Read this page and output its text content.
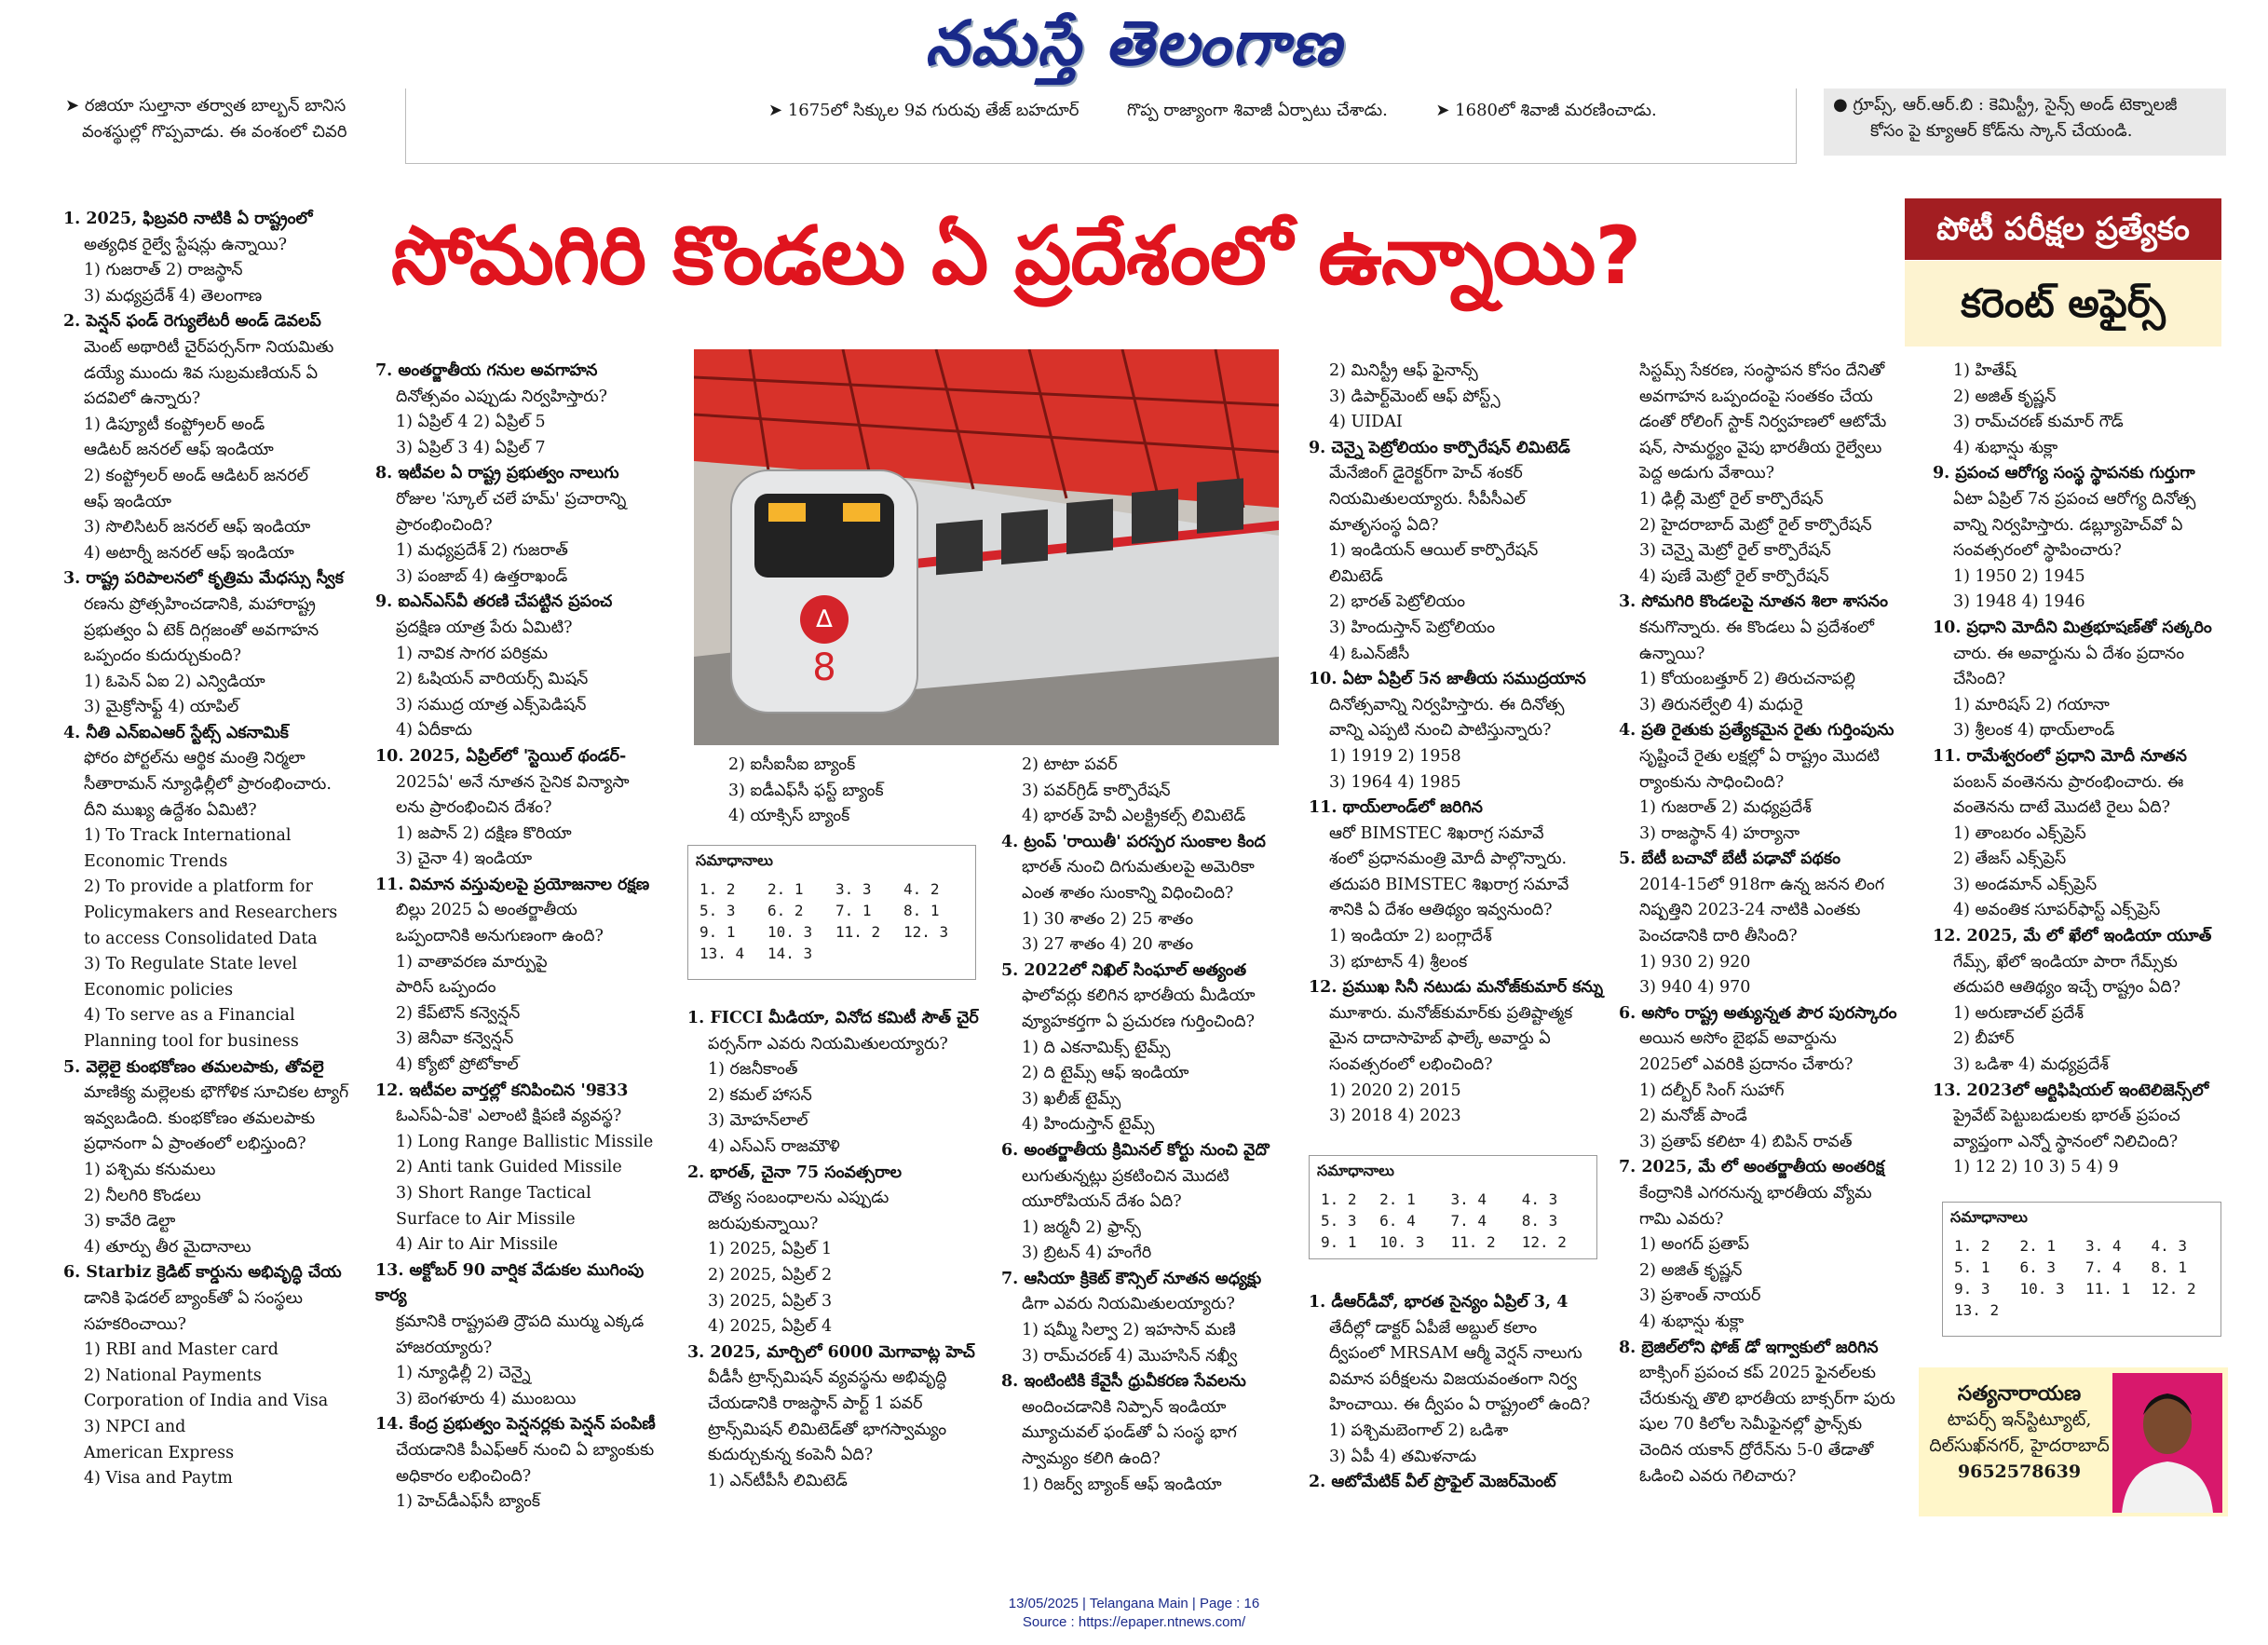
నమస్తే తెలంగాణ
➤ రజియా సుల్తానా తర్వాత బాల్బన్ బానిస
వంశస్థుల్లో గొప్పవాడు. ఈ వంశంలో చివరి
➤ 1675లో సిక్కుల 9వ గురువు తేజ్ బహదూర్	గొప్ప రాజ్యాంగా శివాజీ ఏర్పాటు చేశాడు.	➤ 1680లో శివాజీ మరణించాడు.	● గ్రూప్స్, ఆర్.ఆర్.బి : కెమిస్ట్రీ, సైన్స్ అండ్ టెక్నాలజీ
కోసం పై క్యూఆర్ కోడ్‌ను స్కాన్ చేయండి.
సోమగిరి కొండలు ఏ ప్రదేశంలో ఉన్నాయి?	పోటీ పరీక్షల ప్రత్యేకం
కరెంట్ అఫైర్స్

1. 2025, ఫిబ్రవరి నాటికి ఏ రాష్ట్రంలో

అత్యధిక రైల్వే స్టేషన్లు ఉన్నాయి?

1) గుజరాత్ 2) రాజస్థాన్

3) మధ్యప్రదేశ్ 4) తెలంగాణ

2. పెన్షన్ ఫండ్ రెగ్యులేటరీ అండ్ డెవలప్

మెంట్ అథారిటీ చైర్‌పర్సన్‌గా నియమితు

డయ్యే ముందు శివ సుబ్రమణియన్ ఏ

పదవిలో ఉన్నారు?

1) డిప్యూటీ కంప్ట్రోలర్ అండ్

ఆడిటర్ జనరల్ ఆఫ్ ఇండియా

2) కంప్ట్రోలర్ అండ్ ఆడిటర్ జనరల్

ఆఫ్ ఇండియా

3) సొలిసిటర్ జనరల్ ఆఫ్ ఇండియా

4) అటార్నీ జనరల్ ఆఫ్ ఇండియా

3. రాష్ట్ర పరిపాలనలో కృత్రిమ మేధస్సు స్వీక

రణను ప్రోత్సహించడానికి, మహారాష్ట్ర

ప్రభుత్వం ఏ టెక్ దిగ్గజంతో అవగాహన

ఒప్పందం కుదుర్చుకుంది?

1) ఓపెన్ ఏఐ 2) ఎన్విడియా

3) మైక్రోసాఫ్ట్ 4) యాపిల్

4. నీతి ఎన్ఐఎఆర్ స్టేట్స్ ఎకనామిక్

ఫోరం పోర్టల్‌ను ఆర్థిక మంత్రి నిర్మలా

సీతారామన్ న్యూఢిల్లీలో ప్రారంభించారు.

దీని ముఖ్య ఉద్దేశం ఏమిటి?

1) To Track International

Economic Trends

2) To provide a platform for

Policymakers and Researchers

to access Consolidated Data

3) To Regulate State level

Economic policies

4) To serve as a Financial

Planning tool for business

5. వెల్లెలై కుంభకోణం తమలపాకు, తోవలై

మాణిక్య మల్లెలకు భౌగోళిక సూచికల ట్యాగ్

ఇవ్వబడింది. కుంభకోణం తమలపాకు

ప్రధానంగా ఏ ప్రాంతంలో లభిస్తుంది?

1) పశ్చిమ కనుమలు

2) నీలగిరి కొండలు

3) కావేరి డెల్టా

4) తూర్పు తీర మైదానాలు

6. Starbiz క్రెడిట్ కార్డును అభివృద్ధి చేయ

డానికి ఫెడరల్ బ్యాంక్‌తో ఏ సంస్థలు

సహకరించాయి?

1) RBI and Master card

2) National Payments

Corporation of India and Visa

3) NPCI and

American Express

4) Visa and Paytm

7. అంతర్జాతీయ గనుల అవగాహన

దినోత్సవం ఎప్పుడు నిర్వహిస్తారు?

1) ఏప్రిల్ 4 2) ఏప్రిల్ 5

3) ఏప్రిల్ 3 4) ఏప్రిల్ 7

8. ఇటీవల ఏ రాష్ట్ర ప్రభుత్వం నాలుగు

రోజుల 'స్కూల్ చలే హమ్' ప్రచారాన్ని

ప్రారంభించింది?

1) మధ్యప్రదేశ్ 2) గుజరాత్

3) పంజాబ్ 4) ఉత్తరాఖండ్

9. ఐఎన్ఎస్‌వీ తరణి చేపట్టిన ప్రపంచ

ప్రదక్షిణ యాత్ర పేరు ఏమిటి?

1) నావిక సాగర పరిక్రమ

2) ఓషియన్ వారియర్స్ మిషన్

3) సముద్ర యాత్ర ఎక్స్‌పెడిషన్

4) ఏదీకాదు

10. 2025, ఏప్రిల్‌లో 'స్టెయిల్ థండర్-

2025ఏ' అనే నూతన సైనిక విన్యాసా

లను ప్రారంభించిన దేశం?

1) జపాన్ 2) దక్షిణ కొరియా

3) చైనా 4) ఇండియా

11. విమాన వస్తువులపై ప్రయోజనాల రక్షణ

బిల్లు 2025 ఏ అంతర్జాతీయ

ఒప్పందానికి అనుగుణంగా ఉంది?

1) వాతావరణ మార్పుపై

పారిస్ ఒప్పందం

2) కేప్‌టౌన్ కన్వెన్షన్

3) జెనీవా కన్వెన్షన్

4) క్యోటో ప్రోటోకాల్

12. ఇటీవల వార్తల్లో కనిపించిన '9కె33

ఓఎస్ఏ-ఏకె' ఎలాంటి క్షిపణి వ్యవస్థ?

1) Long Range Ballistic Missile

2) Anti tank Guided Missile

3) Short Range Tactical

Surface to Air Missile

4) Air to Air Missile

13. అక్టోబర్ 90 వార్షిక వేడుకల ముగింపు కార్య

క్రమానికి రాష్ట్రపతి ద్రౌపది ముర్ము ఎక్కడ

హాజరయ్యారు?

1) న్యూఢిల్లీ 2) చెన్నై

3) బెంగళూరు 4) ముంబయి

14. కేంద్ర ప్రభుత్వం పెన్షనర్లకు పెన్షన్ పంపిణీ

చేయడానికి పీఎఫ్ఆర్ నుంచి ఏ బ్యాంకుకు

అధికారం లభించింది?

1) హెచ్‌డీఎఫ్‌సీ బ్యాంక్

∆
8

2) ఐసీఐసీఐ బ్యాంక్

3) ఐడీఎఫ్‌సీ ఫస్ట్ బ్యాంక్

4) యాక్సిస్ బ్యాంక్

సమాధానాలు
1. 2	2. 1	3. 3	4. 2
5. 3	6. 2	7. 1	8. 1
9. 1	10. 3	11. 2	12. 3
13. 4	14. 3		

1. FICCI మీడియా, వినోద కమిటీ సౌత్ చైర్

పర్సన్‌గా ఎవరు నియమితులయ్యారు?

1) రజనీకాంత్

2) కమల్ హాసన్

3) మోహన్‌లాల్

4) ఎస్ఎస్ రాజమౌళి

2. భారత్, చైనా 75 సంవత్సరాల

దౌత్య సంబంధాలను ఎప్పుడు

జరుపుకున్నాయి?

1) 2025, ఏప్రిల్ 1

2) 2025, ఏప్రిల్ 2

3) 2025, ఏప్రిల్ 3

4) 2025, ఏప్రిల్ 4

3. 2025, మార్చిలో 6000 మెగావాట్ల హెచ్

వీడీసీ ట్రాన్స్‌మిషన్ వ్యవస్థను అభివృద్ధి

చేయడానికి రాజస్థాన్ పార్ట్ 1 పవర్

ట్రాన్స్‌మిషన్ లిమిటెడ్‌తో భాగస్వామ్యం

కుదుర్చుకున్న కంపెనీ ఏది?

1) ఎన్‌టీపీసీ లిమిటెడ్

2) టాటా పవర్

3) పవర్‌గ్రిడ్ కార్పొరేషన్

4) భారత్ హెవీ ఎలక్ట్రికల్స్ లిమిటెడ్

4. ట్రంప్ 'రాయితీ' పరస్పర సుంకాల కింద

భారత్ నుంచి దిగుమతులపై అమెరికా

ఎంత శాతం సుంకాన్ని విధించింది?

1) 30 శాతం 2) 25 శాతం

3) 27 శాతం 4) 20 శాతం

5. 2022లో నిఖిల్ సింఘాల్ అత్యంత

ఫాలోవర్లు కలిగిన భారతీయ మీడియా

వ్యూహకర్తగా ఏ ప్రచురణ గుర్తించింది?

1) ది ఎకనామిక్స్ టైమ్స్

2) ది టైమ్స్ ఆఫ్ ఇండియా

3) ఖలీజ్ టైమ్స్

4) హిందుస్తాన్ టైమ్స్

6. అంతర్జాతీయ క్రిమినల్ కోర్టు నుంచి వైదొ

లుగుతున్నట్లు ప్రకటించిన మొదటి

యూరోపియన్ దేశం ఏది?

1) జర్మనీ 2) ఫ్రాన్స్

3) బ్రిటన్ 4) హంగేరి

7. ఆసియా క్రికెట్ కౌన్సిల్ నూతన అధ్యక్షు

డిగా ఎవరు నియమితులయ్యారు?

1) షమ్మీ సిల్వా 2) ఇహసాన్ మణి

3) రామ్‌చరణ్ 4) మొహసిన్ నఖ్వీ

8. ఇంటింటికి కేవైసీ ధ్రువీకరణ సేవలను

అందించడానికి నిప్పాన్ ఇండియా

మ్యూచువల్ ఫండ్‌తో ఏ సంస్థ భాగ

స్వామ్యం కలిగి ఉంది?

1) రిజర్వ్ బ్యాంక్ ఆఫ్ ఇండియా

2) మినిస్ట్రీ ఆఫ్ ఫైనాన్స్

3) డిపార్ట్‌మెంట్ ఆఫ్ పోస్ట్స్

4) UIDAI

9. చెన్నై పెట్రోలియం కార్పొరేషన్ లిమిటెడ్

మేనేజింగ్ డైరెక్టర్‌గా హెచ్ శంకర్

నియమితులయ్యారు. సీపీసీఎల్

మాతృసంస్థ ఏది?

1) ఇండియన్ ఆయిల్ కార్పొరేషన్

లిమిటెడ్

2) భారత్ పెట్రోలియం

3) హిందుస్తాన్ పెట్రోలియం

4) ఓఎన్‌జీసీ

10. ఏటా ఏప్రిల్ 5న జాతీయ సముద్రయాన

దినోత్సవాన్ని నిర్వహిస్తారు. ఈ దినోత్స

వాన్ని ఎప్పటి నుంచి పాటిస్తున్నారు?

1) 1919 2) 1958

3) 1964 4) 1985

11. థాయ్‌లాండ్‌లో జరిగిన

ఆరో BIMSTEC శిఖరాగ్ర సమావే

శంలో ప్రధానమంత్రి మోదీ పాల్గొన్నారు.

తదుపరి BIMSTEC శిఖరాగ్ర సమావే

శానికి ఏ దేశం ఆతిథ్యం ఇవ్వనుంది?

1) ఇండియా 2) బంగ్లాదేశ్

3) భూటాన్ 4) శ్రీలంక

12. ప్రముఖ సినీ నటుడు మనోజ్‌కుమార్ కన్ను

మూశారు. మనోజ్‌కుమార్‌కు ప్రతిష్టాత్మక

మైన దాదాసాహెబ్ ఫాల్కే అవార్డు ఏ

సంవత్సరంలో లభించింది?

1) 2020 2) 2015

3) 2018 4) 2023

సమాధానాలు
1. 2	2. 1	3. 4	4. 3
5. 3	6. 4	7. 4	8. 3
9. 1	10. 3	11. 2	12. 2

1. డీఆర్‌డీవో, భారత సైన్యం ఏప్రిల్ 3, 4

తేదీల్లో డాక్టర్ ఏపీజే అబ్దుల్ కలాం

ద్వీపంలో MRSAM ఆర్మీ వెర్షన్ నాలుగు

విమాన పరీక్షలను విజయవంతంగా నిర్వ

హించాయి. ఈ ద్వీపం ఏ రాష్ట్రంలో ఉంది?

1) పశ్చిమబెంగాల్ 2) ఒడిశా

3) ఏపీ 4) తమిళనాడు

2. ఆటోమేటిక్ వీల్ ప్రొఫైల్ మెజర్‌మెంట్

సిస్టమ్స్ సేకరణ, సంస్థాపన కోసం దేనితో

అవగాహన ఒప్పందంపై సంతకం చేయ

డంతో రోలింగ్ స్టాక్ నిర్వహణలో ఆటోమే

షన్, సామర్థ్యం వైపు భారతీయ రైల్వేలు

పెద్ద అడుగు వేశాయి?

1) ఢిల్లీ మెట్రో రైల్ కార్పొరేషన్

2) హైదరాబాద్ మెట్రో రైల్ కార్పొరేషన్

3) చెన్నై మెట్రో రైల్ కార్పొరేషన్

4) పుణే మెట్రో రైల్ కార్పొరేషన్

3. సోమగిరి కొండలపై నూతన శిలా శాసనం

కనుగొన్నారు. ఈ కొండలు ఏ ప్రదేశంలో

ఉన్నాయి?

1) కోయంబత్తూర్ 2) తిరుచనాపల్లి

3) తిరునల్వేలి 4) మధురై

4. ప్రతి రైతుకు ప్రత్యేకమైన రైతు గుర్తింపును

సృష్టించే రైతు లక్షల్లో ఏ రాష్ట్రం మొదటి

ర్యాంకును సాధించింది?

1) గుజరాత్ 2) మధ్యప్రదేశ్

3) రాజస్థాన్ 4) హర్యానా

5. బేటీ బచావో బేటీ పఢావో పథకం

2014-15లో 918గా ఉన్న జనన లింగ

నిష్పత్తిని 2023-24 నాటికి ఎంతకు

పెంచడానికి దారి తీసింది?

1) 930 2) 920

3) 940 4) 970

6. అసోం రాష్ట్ర అత్యున్నత పౌర పురస్కారం

అయిన అసోం బైభవ్ అవార్డును

2025లో ఎవరికి ప్రదానం చేశారు?

1) దల్బీర్ సింగ్ సుహాగ్

2) మనోజ్ పాండే

3) ప్రతాప్ కలిటా 4) బిపిన్ రావత్

7. 2025, మే లో అంతర్జాతీయ అంతరిక్ష

కేంద్రానికి ఎగరనున్న భారతీయ వ్యోమ

గామి ఎవరు?

1) అంగద్ ప్రతాప్

2) అజిత్ కృష్ణన్

3) ప్రశాంత్ నాయర్

4) శుభాన్షు శుక్లా

8. బ్రెజిల్‌లోని ఫోజ్ డో ఇగ్వాకులో జరిగిన

బాక్సింగ్ ప్రపంచ కప్ 2025 ఫైనల్‌లకు

చేరుకున్న తొలి భారతీయ బాక్సర్‌గా పురు

షుల 70 కిలోల సెమీఫైనల్లో ఫ్రాన్స్‌కు

చెందిన యకాన్ ద్రోరేన్‌ను 5-0 తేడాతో

ఓడించి ఎవరు గెలిచారు?

1) హితేష్

2) అజిత్ కృష్ణన్

3) రామ్‌చరణ్ కుమార్ గౌడ్

4) శుభాన్షు శుక్లా

9. ప్రపంచ ఆరోగ్య సంస్థ స్థాపనకు గుర్తుగా

ఏటా ఏప్రిల్ 7న ప్రపంచ ఆరోగ్య దినోత్స

వాన్ని నిర్వహిస్తారు. డబ్ల్యూహెచ్‌వో ఏ

సంవత్సరంలో స్థాపించారు?

1) 1950 2) 1945

3) 1948 4) 1946

10. ప్రధాని మోదీని మిత్రభూషణ్‌తో సత్కరిం

చారు. ఈ అవార్డును ఏ దేశం ప్రదానం

చేసింది?

1) మారిషస్ 2) గయానా

3) శ్రీలంక 4) థాయ్‌లాండ్

11. రామేశ్వరంలో ప్రధాని మోదీ నూతన

పంబన్ వంతెనను ప్రారంభించారు. ఈ

వంతెనను దాటే మొదటి రైలు ఏది?

1) తాంబరం ఎక్స్‌ప్రెస్

2) తేజస్ ఎక్స్‌ప్రెస్

3) అండమాన్ ఎక్స్‌ప్రెస్

4) అవంతిక సూపర్‌ఫాస్ట్ ఎక్స్‌ప్రెస్

12. 2025, మే లో ఖేలో ఇండియా యూత్

గేమ్స్, ఖేలో ఇండియా పారా గేమ్స్‌కు

తదుపరి ఆతిథ్యం ఇచ్చే రాష్ట్రం ఏది?

1) అరుణాచల్ ప్రదేశ్

2) బీహార్

3) ఒడిశా 4) మధ్యప్రదేశ్

13. 2023లో ఆర్టిఫిషియల్ ఇంటెలిజెన్స్‌లో

ప్రైవేట్ పెట్టుబడులకు భారత్ ప్రపంచ

వ్యాప్తంగా ఎన్నో స్థానంలో నిలిచింది?

1) 12 2) 10 3) 5 4) 9

సమాధానాలు
1. 2	2. 1	3. 4	4. 3
5. 1	6. 3	7. 4	8. 1
9. 3	10. 3	11. 1	12. 2
13. 2			
సత్యనారాయణ
టాపర్స్ ఇన్‌స్టిట్యూట్,
దిల్‌సుఖ్‌నగర్, హైదరాబాద్
9652578639
13/05/2025 | Telangana Main | Page : 16
Source : https://epaper.ntnews.com/
